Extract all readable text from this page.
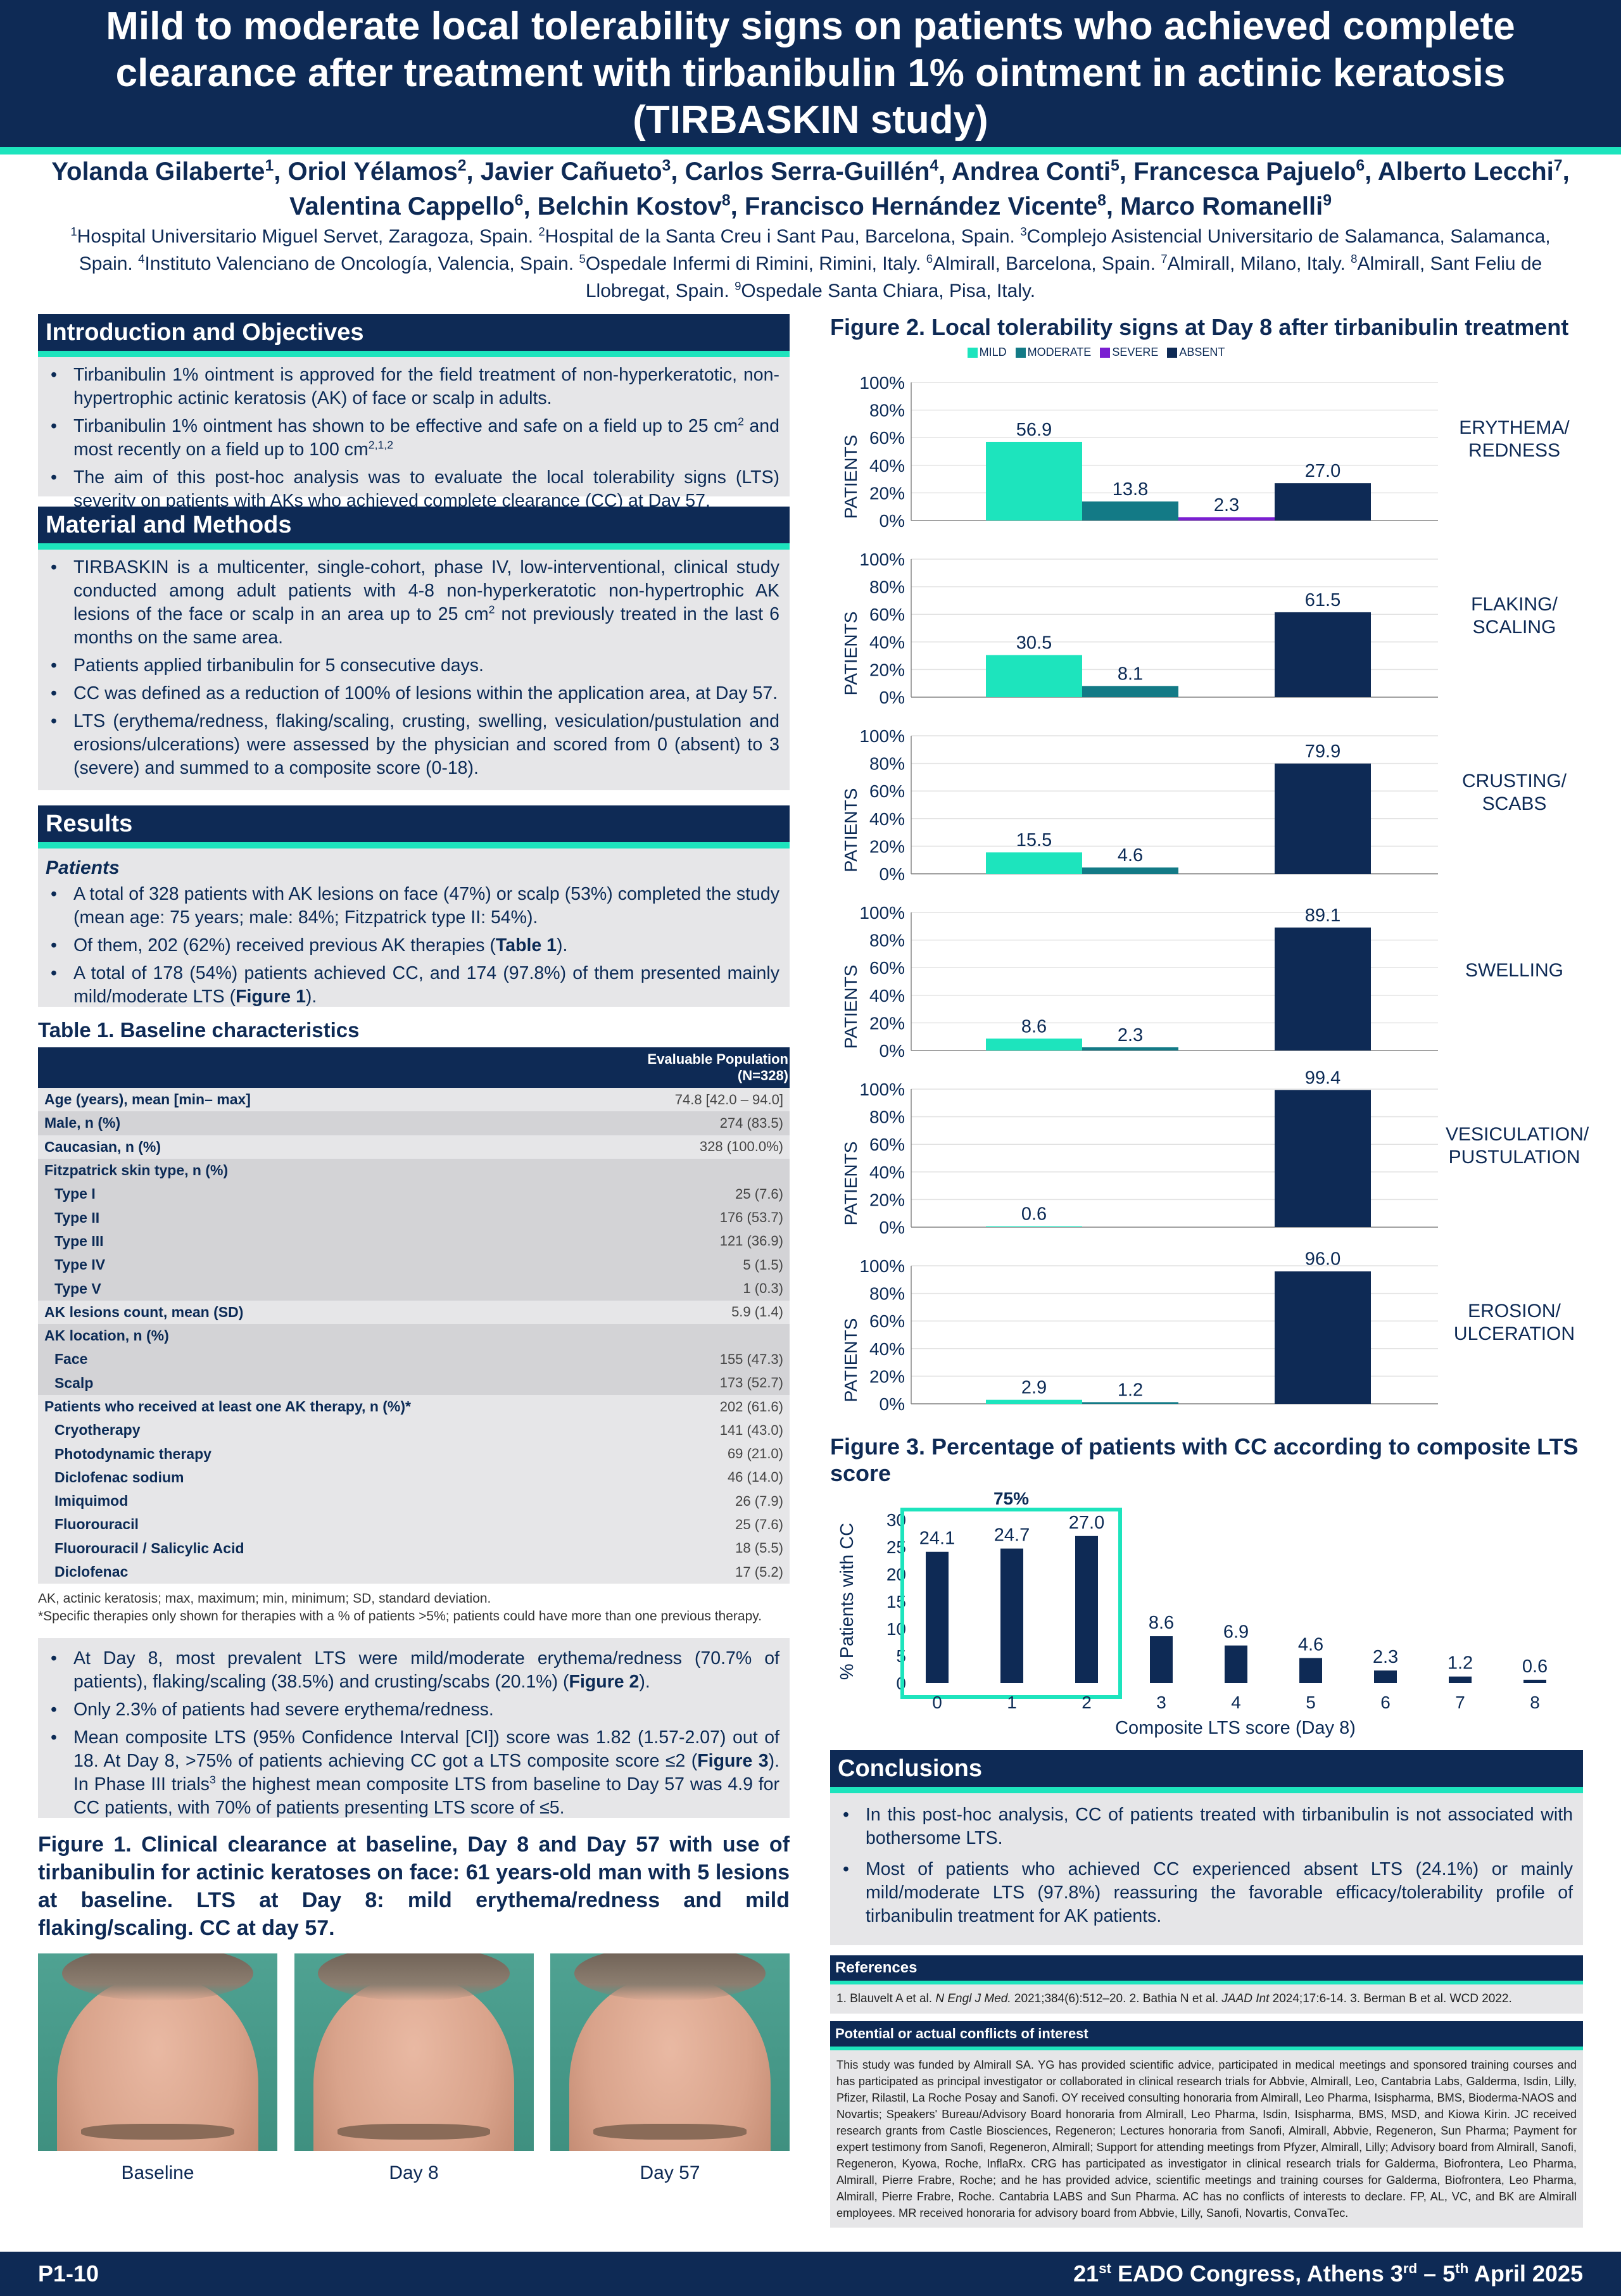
Mild to moderate local tolerability signs on patients who achieved complete clearance after treatment with tirbanibulin 1% ointment in actinic keratosis (TIRBASKIN study)
Yolanda Gilaberte$^1$, Oriol Yélamos$^2$, Javier Cañueto$^3$, Carlos Serra-Guillén$^4$, Andrea Conti$^5$, Francesca Pajuelo$^6$, Alberto Lecchi$^7$, Valentina Cappello$^6$, Belchin Kostov$^8$, Francisco Hernández Vicente$^8$, Marco Romanelli$^9$
$^1$Hospital Universitario Miguel Servet, Zaragoza, Spain. $^2$Hospital de la Santa Creu i Sant Pau, Barcelona, Spain. $^3$Complejo Asistencial Universitario de Salamanca, Salamanca, Spain. $^4$Instituto Valenciano de Oncología, Valencia, Spain. $^5$Ospedale Infermi di Rimini, Rimini, Italy. $^6$Almirall, Barcelona, Spain. $^7$Almirall, Milano, Italy. $^8$Almirall, Sant Feliu de Llobregat, Spain. $^9$Ospedale Santa Chiara, Pisa, Italy.
Introduction and Objectives
• Tirbanibulin 1% ointment is approved for the field treatment of non-hyperkeratotic, non-hypertrophic actinic keratosis (AK) of face or scalp in adults.
• Tirbanibulin 1% ointment has shown to be effective and safe on a field up to 25 $cm^2$ and most recently on a field up to 100 cm$^{2,1,2}$
• The aim of this post-hoc analysis was to evaluate the local tolerability signs (LTS) severity on patients with AKs who achieved complete clearance (CC) at Day 57.
Material and Methods
• TIRBASKIN is a multicenter, single-cohort, phase IV, low-interventional, clinical study conducted among adult patients with 4-8 non-hyperkeratotic non-hypertrophic AK lesions of the face or scalp in an area up to 25 $cm^2$ not previously treated in the last 6 months on the same area.
• Patients applied tirbanibulin for 5 consecutive days.
• CC was defined as a reduction of 100% of lesions within the application area, at Day 57.
• LTS (erythema/redness, flaking/scaling, crusting, swelling, vesiculation/pustulation and erosions/ulcerations) were assessed by the physician and scored from 0 (absent) to 3 (severe) and summed to a composite score (0-18).
Results
Patients
• A total of 328 patients with AK lesions on face (47%) or scalp (53%) completed the study (mean age: 75 years; male: 84%; Fitzpatrick type II: 54%).
• Of them, 202 (62%) received previous AK therapies (Table 1).
• A total of 178 (54%) patients achieved CC, and 174 (97.8%) of them presented mainly mild/moderate LTS (Figure 1).
Table 1. Baseline characteristics
	Evaluable Population
(N=328)
Age (years), mean [min– max]	74.8 [42.0 – 94.0]
Male, n (%)	274 (83.5)
Caucasian, n (%)	328 (100.0%)
Fitzpatrick skin type, n (%)	
Type I	25 (7.6)
Type II	176 (53.7)
Type III	121 (36.9)
Type IV	5 (1.5)
Type V	1 (0.3)
AK lesions count, mean (SD)	5.9 (1.4)
AK location, n (%)	
Face	155 (47.3)
Scalp	173 (52.7)
Patients who received at least one AK therapy, n (%)*	202 (61.6)
Cryotherapy	141 (43.0)
Photodynamic therapy	69 (21.0)
Diclofenac sodium	46 (14.0)
Imiquimod	26 (7.9)
Fluorouracil	25 (7.6)
Fluorouracil / Salicylic Acid	18 (5.5)
Diclofenac	17 (5.2)
AK, actinic keratosis; max, maximum; min, minimum; SD, standard deviation.
*Specific therapies only shown for therapies with a % of patients >5%; patients could have more than one previous therapy.
• At Day 8, most prevalent LTS were mild/moderate erythema/redness (70.7% of patients), flaking/scaling (38.5%) and crusting/scabs (20.1%) (Figure 2).
• Only 2.3% of patients had severe erythema/redness.
• Mean composite LTS (95% Confidence Interval [CI]) score was 1.82 (1.57-2.07) out of 18. At Day 8, >75% of patients achieving CC got a LTS composite score ≤2 (Figure 3). In Phase III trials$^3$ the highest mean composite LTS from baseline to Day 57 was 4.9 for CC patients, with 70% of patients presenting LTS score of ≤5.
Figure 1. Clinical clearance at baseline, Day 8 and Day 57 with use of tirbanibulin for actinic keratoses on face: 61 years-old man with 5 lesions at baseline. LTS at Day 8: mild erythema/redness and mild flaking/scaling. CC at day 57.
Baseline	Day 8	Day 57
Figure 2. Local tolerability signs at Day 8 after tirbanibulin treatment
MILD	MODERATE	SEVERE	ABSENT
0%
20%
40%
60%
80%
100%
PATIENTS
56.9
13.8
2.3
27.0
ERYTHEMA/ REDNESS
0%
20%
40%
60%
80%
100%
PATIENTS	30.5
8.1
61.5	FLAKING/ SCALING
0%
20%
40%
60%
80%
100%
PATIENTS	15.5
4.6
79.9
CRUSTING/ SCABS
0%
20%
40%
60%
80%
100%
PATIENTS	8.6	2.3
89.1
SWELLING
0%
20%
40%
60%
80%
100%
PATIENTS	0.6
99.4
VESICULATION/ PUSTULATION
0%
20%
40%
60%
80%
100%
PATIENTS	2.9	1.2
96.0
EROSION/ ULCERATION
Figure 3. Percentage of patients with CC according to composite LTS score
0
5
10
15
20
25
30
% Patients with CC
75%
24.1
0
24.7
1
27.0
2
8.6
3
6.9
4
4.6
5
2.3
6
1.2
7
0.6
8
Composite LTS score (Day 8)
Conclusions
• In this post-hoc analysis, CC of patients treated with tirbanibulin is not associated with bothersome LTS.
• Most of patients who achieved CC experienced absent LTS (24.1%) or mainly mild/moderate LTS (97.8%) reassuring the favorable efficacy/tolerability profile of tirbanibulin treatment for AK patients.
References
1. Blauvelt A et al. N Engl J Med. 2021;384(6):512–20. 2. Bathia N et al. JAAD Int 2024;17:6-14. 3. Berman B et al. WCD 2022.
Potential or actual conflicts of interest
This study was funded by Almirall SA. YG has provided scientific advice, participated in medical meetings and sponsored training courses and has participated as principal investigator or collaborated in clinical research trials for Abbvie, Almirall, Leo, Cantabria Labs, Galderma, Isdin, Lilly, Pfizer, Rilastil, La Roche Posay and Sanofi. OY received consulting honoraria from Almirall, Leo Pharma, Isispharma, BMS, Bioderma-NAOS and Novartis; Speakers' Bureau/Advisory Board honoraria from Almirall, Leo Pharma, Isdin, Isispharma, BMS, MSD, and Kiowa Kirin. JC received research grants from Castle Biosciences, Regeneron; Lectures honoraria from Sanofi, Almirall, Abbvie, Regeneron, Sun Pharma; Payment for expert testimony from Sanofi, Regeneron, Almirall; Support for attending meetings from Pfyzer, Almirall, Lilly; Advisory board from Almirall, Sanofi, Regeneron, Kyowa, Roche, InflaRx. CRG has participated as investigator in clinical research trials for Galderma, Biofrontera, Leo Pharma, Almirall, Pierre Frabre, Roche; and he has provided advice, scientific meetings and training courses for Galderma, Biofrontera, Leo Pharma, Almirall, Pierre Frabre, Roche. Cantabria LABS and Sun Pharma. AC has no conflicts of interests to declare. FP, AL, VC, and BK are Almirall employees. MR received honoraria for advisory board from Abbvie, Lilly, Sanofi, Novartis, ConvaTec.
P1-10	21st EADO Congress, Athens 3rd – 5th April 2025
